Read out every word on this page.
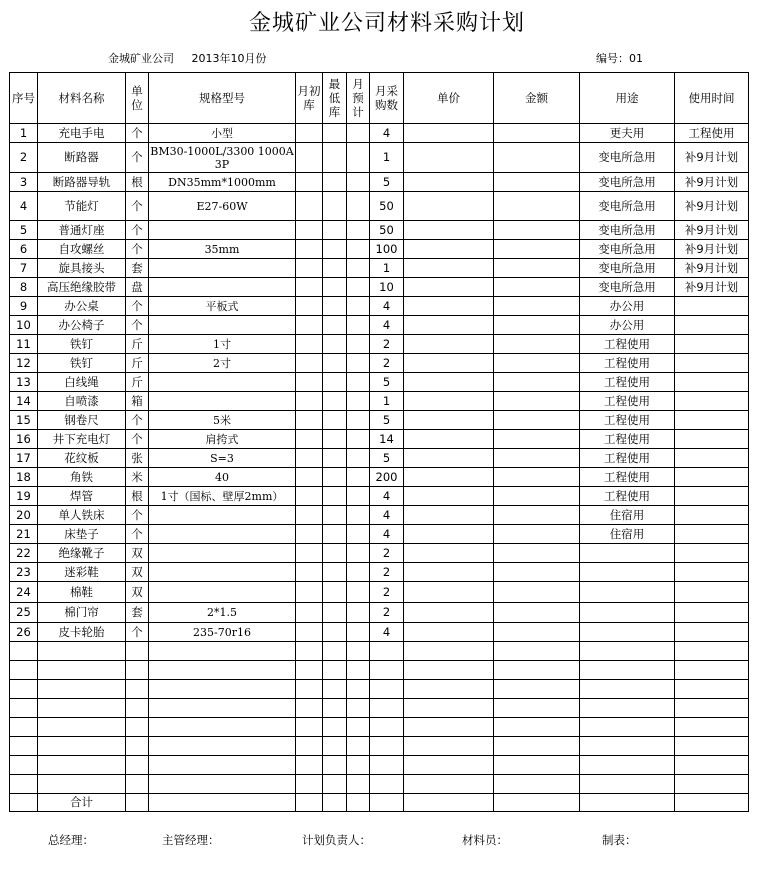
金城矿业公司材料采购计划
金城矿业公司 2013年10月份	编号：01
序号	材料名称	单位	规格型号	月初库	最低库	月预计	月采购数	单价	金额	用途	使用时间
1	充电手电	个	小型				4			更夫用	工程使用
2	断路器	个	BM30-1000L/3300 1000A 3P				1			变电所急用	补9月计划
3	断路器导轨	根	DN35mm*1000mm				5			变电所急用	补9月计划
4	节能灯	个	E27-60W				50			变电所急用	补9月计划
5	普通灯座	个					50			变电所急用	补9月计划
6	自攻螺丝	个	35mm				100			变电所急用	补9月计划
7	旋具接头	套					1			变电所急用	补9月计划
8	高压绝缘胶带	盘					10			变电所急用	补9月计划
9	办公桌	个	平板式				4			办公用	
10	办公椅子	个					4			办公用	
11	铁钉	斤	1寸				2			工程使用	
12	铁钉	斤	2寸				2			工程使用	
13	白线绳	斤					5			工程使用	
14	自喷漆	箱					1			工程使用	
15	钢卷尺	个	5米				5			工程使用	
16	井下充电灯	个	肩挎式				14			工程使用	
17	花纹板	张	S=3				5			工程使用	
18	角铁	米	40				200			工程使用	
19	焊管	根	1寸（国标、壁厚2mm）				4			工程使用	
20	单人铁床	个					4			住宿用	
21	床垫子	个					4			住宿用	
22	绝缘靴子	双					2				
23	迷彩鞋	双					2				
24	棉鞋	双					2				
25	棉门帘	套	2*1.5				2				
26	皮卡轮胎	个	235-70r16				4				

	合计										
总经理：	主管经理：	计划负责人：	材料员：	制表：
